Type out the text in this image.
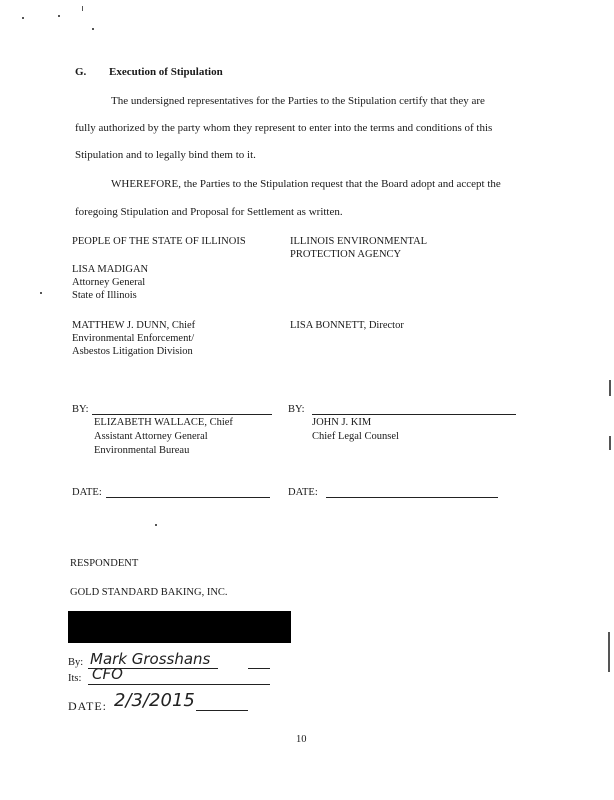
G. Execution of Stipulation
The undersigned representatives for the Parties to the Stipulation certify that they are
fully authorized by the party whom they represent to enter into the terms and conditions of this
Stipulation and to legally bind them to it.
WHEREFORE, the Parties to the Stipulation request that the Board adopt and accept the
foregoing Stipulation and Proposal for Settlement as written.
PEOPLE OF THE STATE OF ILLINOIS
LISA MADIGAN
Attorney General
State of Illinois
MATTHEW J. DUNN, Chief
Environmental Enforcement/
Asbestos Litigation Division
ILLINOIS ENVIRONMENTAL
PROTECTION AGENCY
LISA BONNETT, Director
BY:
ELIZABETH WALLACE, Chief
Assistant Attorney General
Environmental Bureau
BY:
JOHN J. KIM
Chief Legal Counsel
DATE:	DATE:
RESPONDENT
GOLD STANDARD BAKING, INC.
By: Mark Grosshans
Its: CFO
DATE: 2/3/2015
10
